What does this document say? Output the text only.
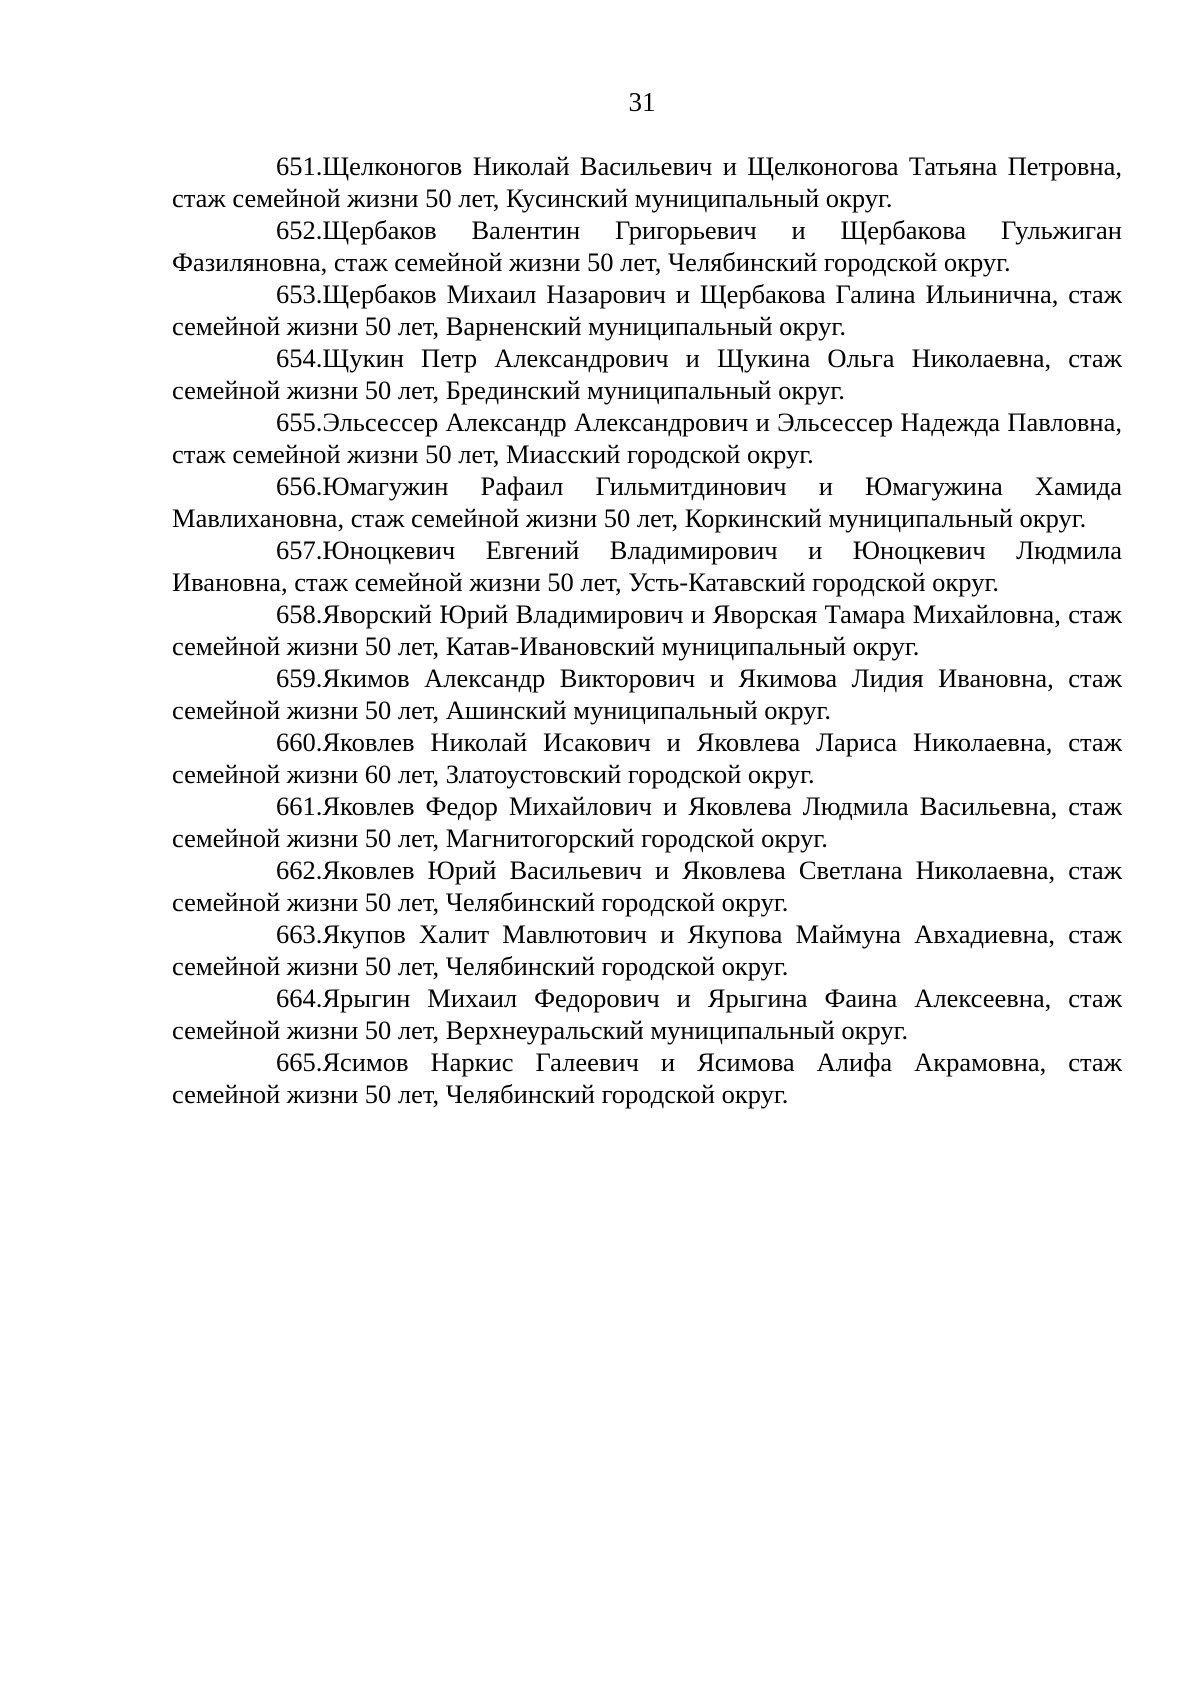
31

651.Щелконогов Николай Васильевич и Щелконогова Татьяна Петровна, стаж семейной жизни 50 лет, Кусинский муниципальный округ.

652.Щербаков Валентин Григорьевич и Щербакова Гульжиган Фазиляновна, стаж семейной жизни 50 лет, Челябинский городской округ.

653.Щербаков Михаил Назарович и Щербакова Галина Ильинична, стаж семейной жизни 50 лет, Варненский муниципальный округ.

654.Щукин Петр Александрович и Щукина Ольга Николаевна, стаж семейной жизни 50 лет, Брединский муниципальный округ.

655.Эльсессер Александр Александрович и Эльсессер Надежда Павловна, стаж семейной жизни 50 лет, Миасский городской округ.

656.Юмагужин Рафаил Гильмитдинович и Юмагужина Хамида Мавлихановна, стаж семейной жизни 50 лет, Коркинский муниципальный округ.

657.Юноцкевич Евгений Владимирович и Юноцкевич Людмила Ивановна, стаж семейной жизни 50 лет, Усть-Катавский городской округ.

658.Яворский Юрий Владимирович и Яворская Тамара Михайловна, стаж семейной жизни 50 лет, Катав-Ивановский муниципальный округ.

659.Якимов Александр Викторович и Якимова Лидия Ивановна, стаж семейной жизни 50 лет, Ашинский муниципальный округ.

660.Яковлев Николай Исакович и Яковлева Лариса Николаевна, стаж семейной жизни 60 лет, Златоустовский городской округ.

661.Яковлев Федор Михайлович и Яковлева Людмила Васильевна, стаж семейной жизни 50 лет, Магнитогорский городской округ.

662.Яковлев Юрий Васильевич и Яковлева Светлана Николаевна, стаж семейной жизни 50 лет, Челябинский городской округ.

663.Якупов Халит Мавлютович и Якупова Маймуна Авхадиевна, стаж семейной жизни 50 лет, Челябинский городской округ.

664.Ярыгин Михаил Федорович и Ярыгина Фаина Алексеевна, стаж семейной жизни 50 лет, Верхнеуральский муниципальный округ.

665.Ясимов Наркис Галеевич и Ясимова Алифа Акрамовна, стаж семейной жизни 50 лет, Челябинский городской округ.
